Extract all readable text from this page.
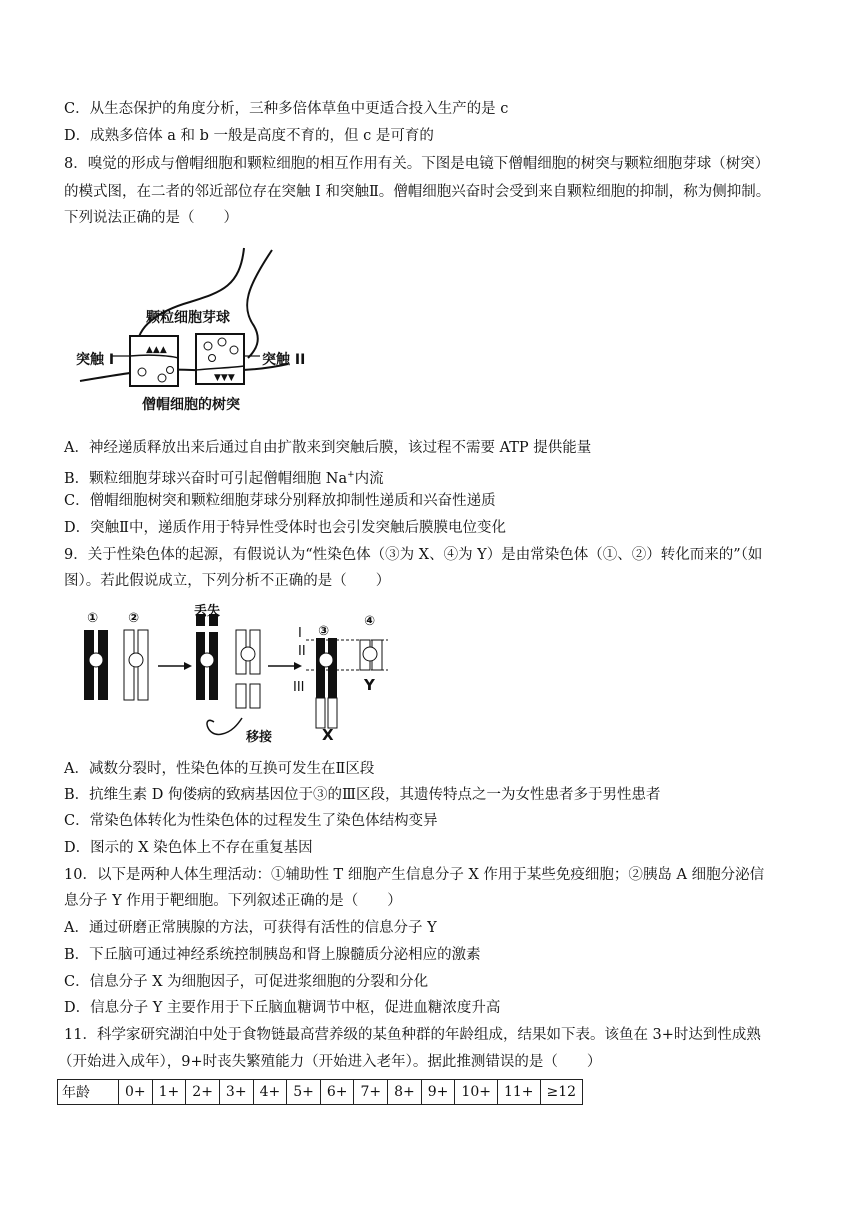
C．从生态保护的角度分析，三种多倍体草鱼中更适合投入生产的是 c
D．成熟多倍体 a 和 b 一般是高度不育的，但 c 是可育的
8．嗅觉的形成与僧帽细胞和颗粒细胞的相互作用有关。下图是电镜下僧帽细胞的树突与颗粒细胞芽球（树突）
的模式图，在二者的邻近部位存在突触 I 和突触Ⅱ。僧帽细胞兴奋时会受到来自颗粒细胞的抑制，称为侧抑制。
下列说法正确的是（　　）
▲▲▲
▼▼▼
颗粒细胞芽球
突触 I	突触 II
僧帽细胞的树突
A．神经递质释放出来后通过自由扩散来到突触后膜，该过程不需要 ATP 提供能量
B．颗粒细胞芽球兴奋时可引起僧帽细胞 Na+内流
C．僧帽细胞树突和颗粒细胞芽球分别释放抑制性递质和兴奋性递质
D．突触Ⅱ中，递质作用于特异性受体时也会引发突触后膜膜电位变化
9．关于性染色体的起源，有假说认为“性染色体（③为 X、④为 Y）是由常染色体（①、②）转化而来的”（如
图）。若此假说成立，下列分析不正确的是（　　）
① ②	丢失
移接
③
④
I
II
III
X
Y
A．减数分裂时，性染色体的互换可发生在Ⅱ区段
B．抗维生素 D 佝偻病的致病基因位于③的Ⅲ区段，其遗传特点之一为女性患者多于男性患者
C．常染色体转化为性染色体的过程发生了染色体结构变异
D．图示的 X 染色体上不存在重复基因
10．以下是两种人体生理活动：①辅助性 T 细胞产生信息分子 X 作用于某些免疫细胞；②胰岛 A 细胞分泌信
息分子 Y 作用于靶细胞。下列叙述正确的是（　　）
A．通过研磨正常胰腺的方法，可获得有活性的信息分子 Y
B．下丘脑可通过神经系统控制胰岛和肾上腺髓质分泌相应的激素
C．信息分子 X 为细胞因子，可促进浆细胞的分裂和分化
D．信息分子 Y 主要作用于下丘脑血糖调节中枢，促进血糖浓度升高
11．科学家研究湖泊中处于食物链最高营养级的某鱼种群的年龄组成，结果如下表。该鱼在 3+时达到性成熟
（开始进入成年），9+时丧失繁殖能力（开始进入老年）。据此推测错误的是（　　）
年龄	0+	1+	2+	3+	4+	5+	6+	7+	8+	9+	10+	11+	≥12
